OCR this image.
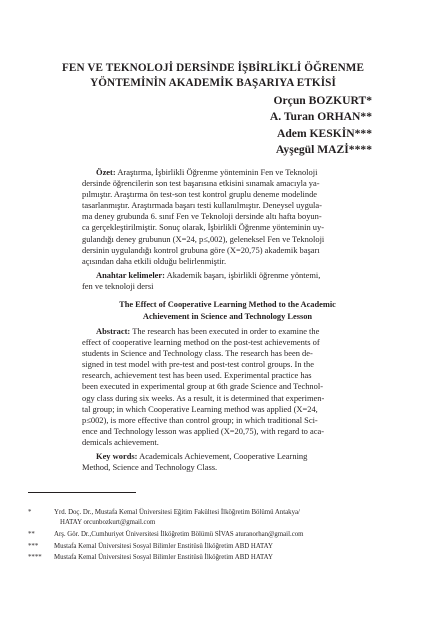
FEN VE TEKNOLOJİ DERSİNDE İŞBİRLİKLİ ÖĞRENME
YÖNTEMİNİN AKADEMİK BAŞARIYA ETKİSİ
Orçun BOZKURT*
A. Turan ORHAN**
Adem KESKİN***
Ayşegül MAZİ****
Özet: Araştırma, İşbirlikli Öğrenme yönteminin Fen ve Teknoloji
dersinde öğrencilerin son test başarısına etkisini sınamak amacıyla ya-
pılmıştır. Araştırma ön test-son test kontrol gruplu deneme modelinde
tasarlanmıştır. Araştırmada başarı testi kullanılmıştır. Deneysel uygula-
ma deney grubunda 6. sınıf Fen ve Teknoloji dersinde altı hafta boyun-
ca gerçekleştirilmiştir. Sonuç olarak, İşbirlikli Öğrenme yönteminin uy-
gulandığı deney grubunun (X=24, p≤,002), geleneksel Fen ve Teknoloji
dersinin uygulandığı kontrol grubuna göre (X=20,75) akademik başarı
açısından daha etkili olduğu belirlenmiştir.
Anahtar kelimeler: Akademik başarı, işbirlikli öğrenme yöntemi,
fen ve teknoloji dersi
The Effect of Cooperative Learning Method to the Academic
Achievement in Science and Technology Lesson
Abstract: The research has been executed in order to examine the
effect of cooperative learning method on the post-test achievements of
students in Science and Technology class. The research has been de-
signed in test model with pre-test and post-test control groups. In the
research, achievement test has been used. Experimental practice has
been executed in experimental group at 6th grade Science and Technol-
ogy class during six weeks. As a result, it is determined that experimen-
tal group; in which Cooperative Learning method was applied (X=24,
p≤002), is more effective than control group; in which traditional Sci-
ence and Technology lesson was applied (X=20,75), with regard to aca-
demicals achievement.
Key words: Academicals Achievement, Cooperative Learning
Method, Science and Technology Class.
*	Yrd. Doç. Dr., Mustafa Kemal Üniversitesi Eğitim Fakültesi İlköğretim Bölümü Antakya/
HATAY orcunbozkurt@gmail.com
**	Arş. Gör. Dr.,Cumhuriyet Üniversitesi İlköğretim Bölümü SİVAS aturanorhan@gmail.com
*** Mustafa Kemal Üniversitesi Sosyal Bilimler Enstitüsü İlköğretim ABD HATAY
**** Mustafa Kemal Üniversitesi Sosyal Bilimler Enstitüsü İlköğretim ABD HATAY
